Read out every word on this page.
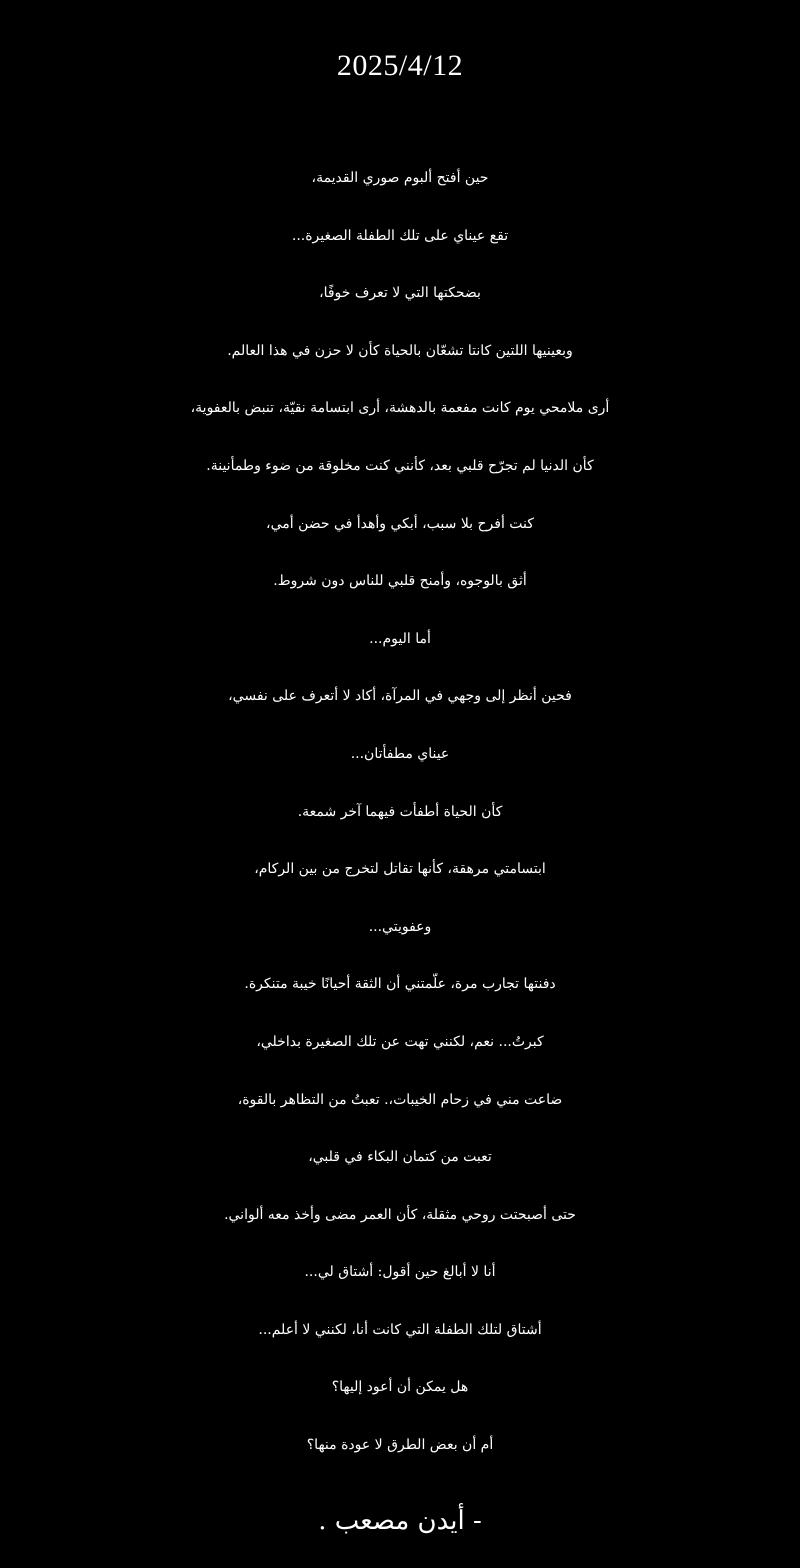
2025/4/12
حين أفتح ألبوم صوري القديمة،
تقع عيناي على تلك الطفلة الصغيرة...
بضحكتها التي لا تعرف خوفًا،
وبعينيها اللتين كانتا تشعّان بالحياة كأن لا حزن في هذا العالم.
أرى ملامحي يوم كانت مفعمة بالدهشة، أرى ابتسامة نقيّة، تنبض بالعفوية،
كأن الدنيا لم تجرّح قلبي بعد، كأنني كنت مخلوقة من ضوء وطمأنينة.
كنت أفرح بلا سبب، أبكي وأهدأ في حضن أمي،
أثق بالوجوه، وأمنح قلبي للناس دون شروط.
أما اليوم...
فحين أنظر إلى وجهي في المرآة، أكاد لا أتعرف على نفسي،
عيناي مطفأتان...
كأن الحياة أطفأت فيهما آخر شمعة.
ابتسامتي مرهقة، كأنها تقاتل لتخرج من بين الركام،
وعفويتي...
دفنتها تجارب مرة، علّمتني أن الثقة أحيانًا خيبة متنكرة.
كبرتُ... نعم، لكنني تهت عن تلك الصغيرة بداخلي،
ضاعت مني في زحام الخيبات،. تعبتُ من التظاهر بالقوة،
تعبت من كتمان البكاء في قلبي،
حتى أصبحتت روحي مثقلة، كأن العمر مضى وأخذ معه ألواني.
أنا لا أبالغ حين أقول: أشتاق لي...
أشتاق لتلك الطفلة التي كانت أنا، لكنني لا أعلم...
هل يمكن أن أعود إليها؟
أم أن بعض الطرق لا عودة منها؟
- أيدن مصعب .
